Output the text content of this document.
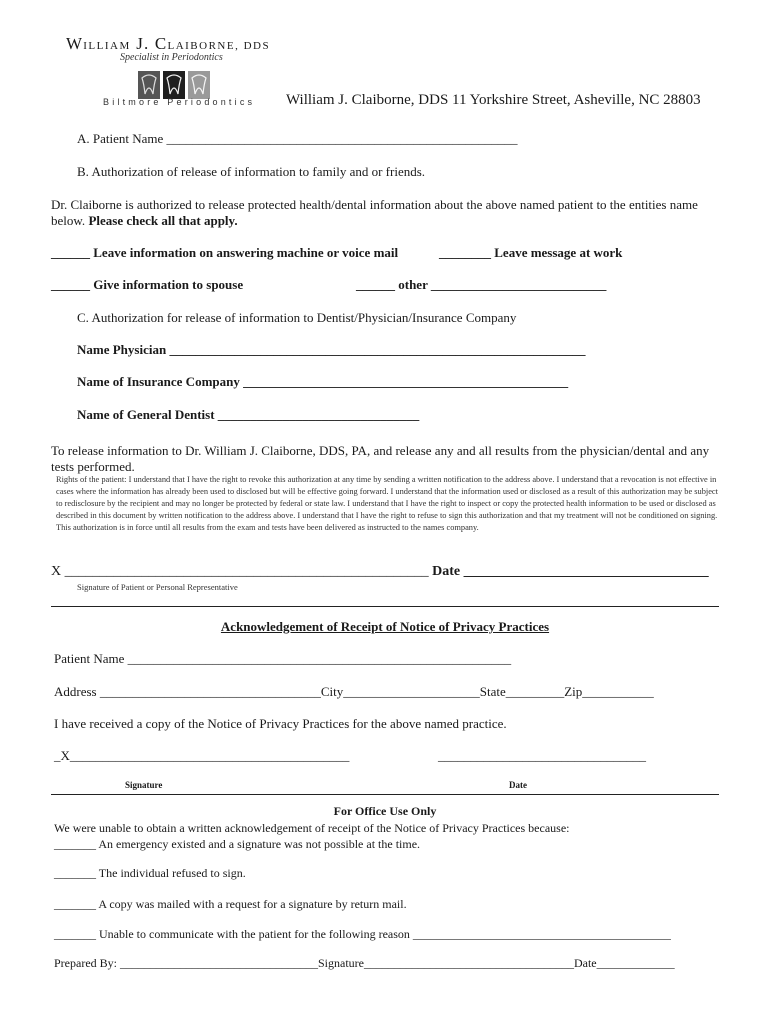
WILLIAM J. CLAIBORNE, DDS
Specialist in Periodontics
Biltmore Periodontics William J. Claiborne, DDS 11 Yorkshire Street, Asheville, NC 28803
A. Patient Name ______________________________________________________
B. Authorization of release of information to family and or friends.
Dr. Claiborne is authorized to release protected health/dental information about the above named patient to the entities name below. Please check all that apply.
______ Leave information on answering machine or voice mail	________ Leave message at work
______ Give information to spouse	______ other ___________________________
C. Authorization for release of information to Dentist/Physician/Insurance Company
Name Physician ________________________________________________________________
Name of Insurance Company __________________________________________________
Name of General Dentist _______________________________
To release information to Dr. William J. Claiborne, DDS, PA, and release any and all results from the physician/dental and any tests performed.
Rights of the patient: I understand that I have the right to revoke this authorization at any time by sending a written notification to the address above. I understand that a revocation is not effective in cases where the information has already been used to disclosed but will be effective going forward. I understand that the information used or disclosed as a result of this authorization may be subject to redisclosure by the recipient and may no longer be protected by federal or state law. I understand that I have the right to inspect or copy the protected health information to be used or disclosed as described in this document by written notification to the address above. I understand that I have the right to refuse to sign this authorization and that my treatment will not be conditioned on signing. This authorization is in force until all results from the exam and tests have been delivered as instructed to the names company.
X ____________________________________________________ Date ___________________________________
Signature of Patient or Personal Representative
Acknowledgement of Receipt of Notice of Privacy Practices
Patient Name ___________________________________________________________
Address __________________________________City_____________________State_________Zip___________
I have received a copy of the Notice of Privacy Practices for the above named practice.
_X___________________________________________	________________________________
Signature	Date
For Office Use Only
We were unable to obtain a written acknowledgement of receipt of the Notice of Privacy Practices because:
_______ An emergency existed and a signature was not possible at the time.
_______ The individual refused to sign.
_______ A copy was mailed with a request for a signature by return mail.
_______ Unable to communicate with the patient for the following reason ___________________________________________
Prepared By: _________________________________Signature___________________________________Date_____________
